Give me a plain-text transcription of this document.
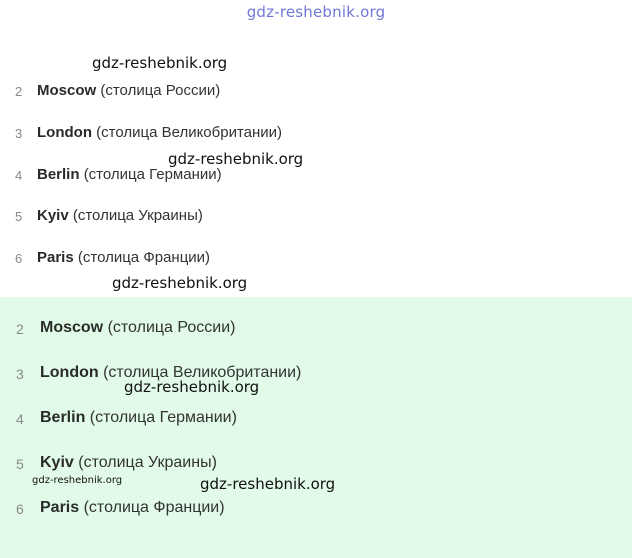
gdz-reshebnik.org
2 Moscow (столица России)
3 London (столица Великобритании)
4 Berlin (столица Германии)
5 Kyiv (столица Украины)
6 Paris (столица Франции)
2 Moscow (столица России)
3 London (столица Великобритании)
4 Berlin (столица Германии)
5 Kyiv (столица Украины)
6 Paris (столица Франции)
gdz-reshebnik.org
gdz-reshebnik.org
gdz-reshebnik.org
gdz-reshebnik.org
gdz-reshebnik.org	gdz-reshebnik.org
